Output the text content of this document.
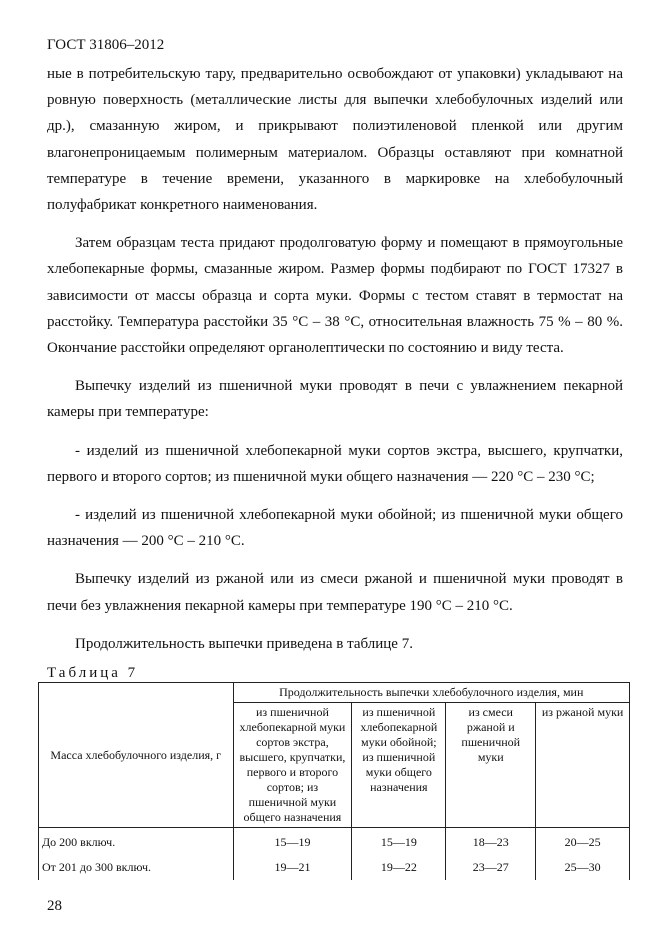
ГОСТ 31806–2012

ные в потребительскую тару, предварительно освобождают от упаковки) укладывают на ровную поверхность (металлические листы для выпечки хлебобулочных изделий или др.), смазанную жиром, и прикрывают полиэтиленовой пленкой или другим влагонепроницаемым полимерным материалом. Образцы оставляют при комнатной температуре в течение времени, указанного в маркировке на хлебобулочный полуфабрикат конкретного наименования.

Затем образцам теста придают продолговатую форму и помещают в прямоугольные хлебопекарные формы, смазанные жиром. Размер формы подбирают по ГОСТ 17327 в зависимости от массы образца и сорта муки. Формы с тестом ставят в термостат на расстойку. Температура расстойки 35 °С – 38 °С, относительная влажность 75 % – 80 %. Окончание расстойки определяют органолептически по состоянию и виду теста.

Выпечку изделий из пшеничной муки проводят в печи с увлажнением пекарной камеры при температуре:

- изделий из пшеничной хлебопекарной муки сортов экстра, высшего, крупчатки, первого и второго сортов; из пшеничной муки общего назначения — 220 °С – 230 °С;

- изделий из пшеничной хлебопекарной муки обойной; из пшеничной муки общего назначения — 200 °С – 210 °С.

Выпечку изделий из ржаной или из смеси ржаной и пшеничной муки проводят в печи без увлажнения пекарной камеры при температуре 190 °С – 210 °С.

Продолжительность выпечки приведена в таблице 7.

Таблица 7
Масса хлебобулочного изделия, г	Продолжительность выпечки хлебобулочного изделия, мин			
	из пшеничной хлебопекарной муки сортов экстра, высшего, крупчатки, первого и второго сортов; из пшеничной муки общего назначения	из пшеничной хлебопекарной муки обойной; из пшеничной муки общего назначения	из смеси ржаной и пшеничной муки	из ржаной муки
До 200 включ.	15—19	15—19	18—23	20—25
От 201 до 300 включ.	19—21	19—22	23—27	25—30
28
